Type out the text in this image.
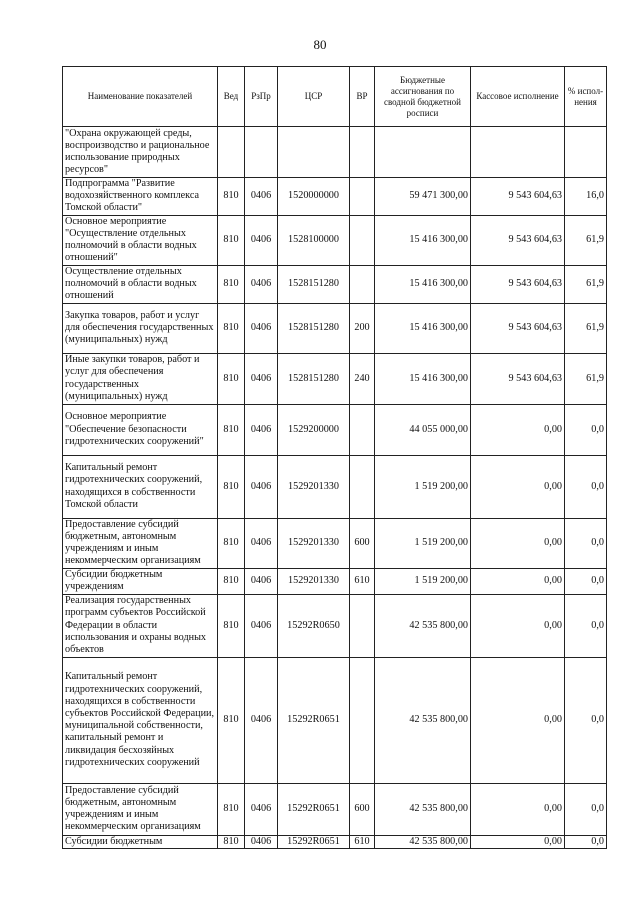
80
Наименование показателей	Вед	РзПр	ЦСР	ВР	Бюджетные ассигнования по сводной бюджетной росписи	Кассовое исполнение	% испол-нения
"Охрана окружающей среды, воспроизводство и рациональное использование природных ресурсов"							
Подпрограмма "Развитие водохозяйственного комплекса Томской области"	810	0406	1520000000		59 471 300,00	9 543 604,63	16,0
Основное мероприятие "Осуществление отдельных полномочий в области водных отношений"	810	0406	1528100000		15 416 300,00	9 543 604,63	61,9
Осуществление отдельных полномочий в области водных отношений	810	0406	1528151280		15 416 300,00	9 543 604,63	61,9
Закупка товаров, работ и услуг для обеспечения государственных (муниципальных) нужд	810	0406	1528151280	200	15 416 300,00	9 543 604,63	61,9
Иные закупки товаров, работ и услуг для обеспечения государственных (муниципальных) нужд	810	0406	1528151280	240	15 416 300,00	9 543 604,63	61,9
Основное мероприятие "Обеспечение безопасности гидротехнических сооружений"	810	0406	1529200000		44 055 000,00	0,00	0,0
Капитальный ремонт гидротехнических сооружений, находящихся в собственности Томской области	810	0406	1529201330		1 519 200,00	0,00	0,0
Предоставление субсидий бюджетным, автономным учреждениям и иным некоммерческим организациям	810	0406	1529201330	600	1 519 200,00	0,00	0,0
Субсидии бюджетным учреждениям	810	0406	1529201330	610	1 519 200,00	0,00	0,0
Реализация государственных программ субъектов Российской Федерации в области использования и охраны водных объектов	810	0406	15292R0650		42 535 800,00	0,00	0,0
Капитальный ремонт гидротехнических сооружений, находящихся в собственности субъектов Российской Федерации, муниципальной собственности, капитальный ремонт и ликвидация бесхозяйных гидротехнических сооружений	810	0406	15292R0651		42 535 800,00	0,00	0,0
Предоставление субсидий бюджетным, автономным учреждениям и иным некоммерческим организациям	810	0406	15292R0651	600	42 535 800,00	0,00	0,0
Субсидии бюджетным	810	0406	15292R0651	610	42 535 800,00	0,00	0,0
